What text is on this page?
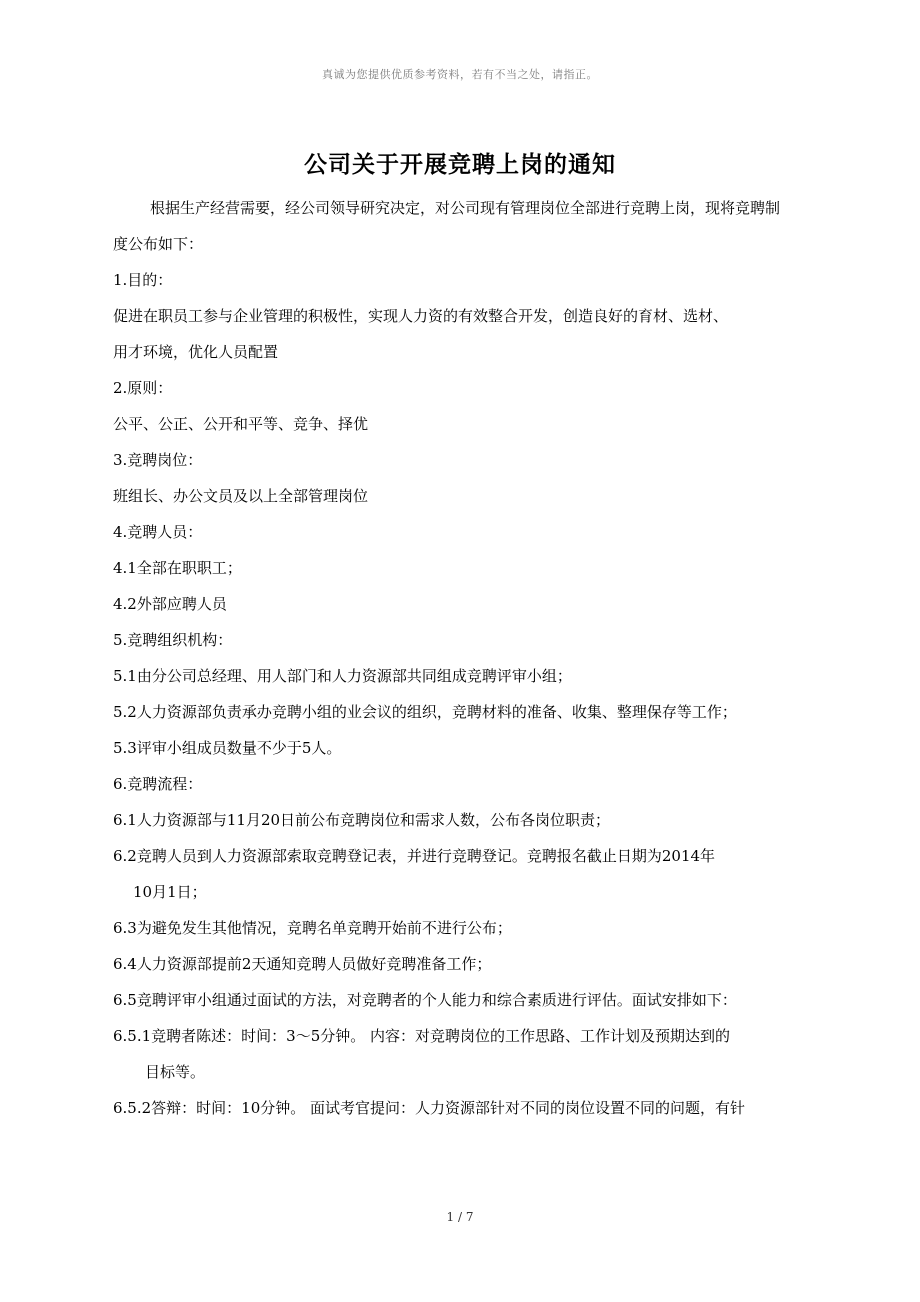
真诚为您提供优质参考资料，若有不当之处，请指正。
公司关于开展竞聘上岗的通知
根据生产经营需要，经公司领导研究决定，对公司现有管理岗位全部进行竞聘上岗，现将竞聘制
度公布如下：
1.目的：
促进在职员工参与企业管理的积极性，实现人力资的有效整合开发，创造良好的育材、选材、
用才环境，优化人员配置
2.原则：
公平、公正、公开和平等、竞争、择优
3.竞聘岗位：
班组长、办公文员及以上全部管理岗位
4.竞聘人员：
4.1全部在职职工；
4.2外部应聘人员
5.竞聘组织机构：
5.1由分公司总经理、用人部门和人力资源部共同组成竞聘评审小组；
5.2人力资源部负责承办竞聘小组的业会议的组织，竞聘材料的准备、收集、整理保存等工作；
5.3评审小组成员数量不少于5人。
6.竞聘流程：
6.1人力资源部与11月20日前公布竞聘岗位和需求人数，公布各岗位职责；
6.2竞聘人员到人力资源部索取竞聘登记表，并进行竞聘登记。竞聘报名截止日期为2014年
10月1日；
6.3为避免发生其他情况，竞聘名单竞聘开始前不进行公布；
6.4人力资源部提前2天通知竞聘人员做好竞聘准备工作；
6.5竞聘评审小组通过面试的方法，对竞聘者的个人能力和综合素质进行评估。面试安排如下：
6.5.1竞聘者陈述：时间：3～5分钟。 内容：对竞聘岗位的工作思路、工作计划及预期达到的
目标等。
6.5.2答辩：时间：10分钟。 面试考官提问：人力资源部针对不同的岗位设置不同的问题，有针
1 / 7
